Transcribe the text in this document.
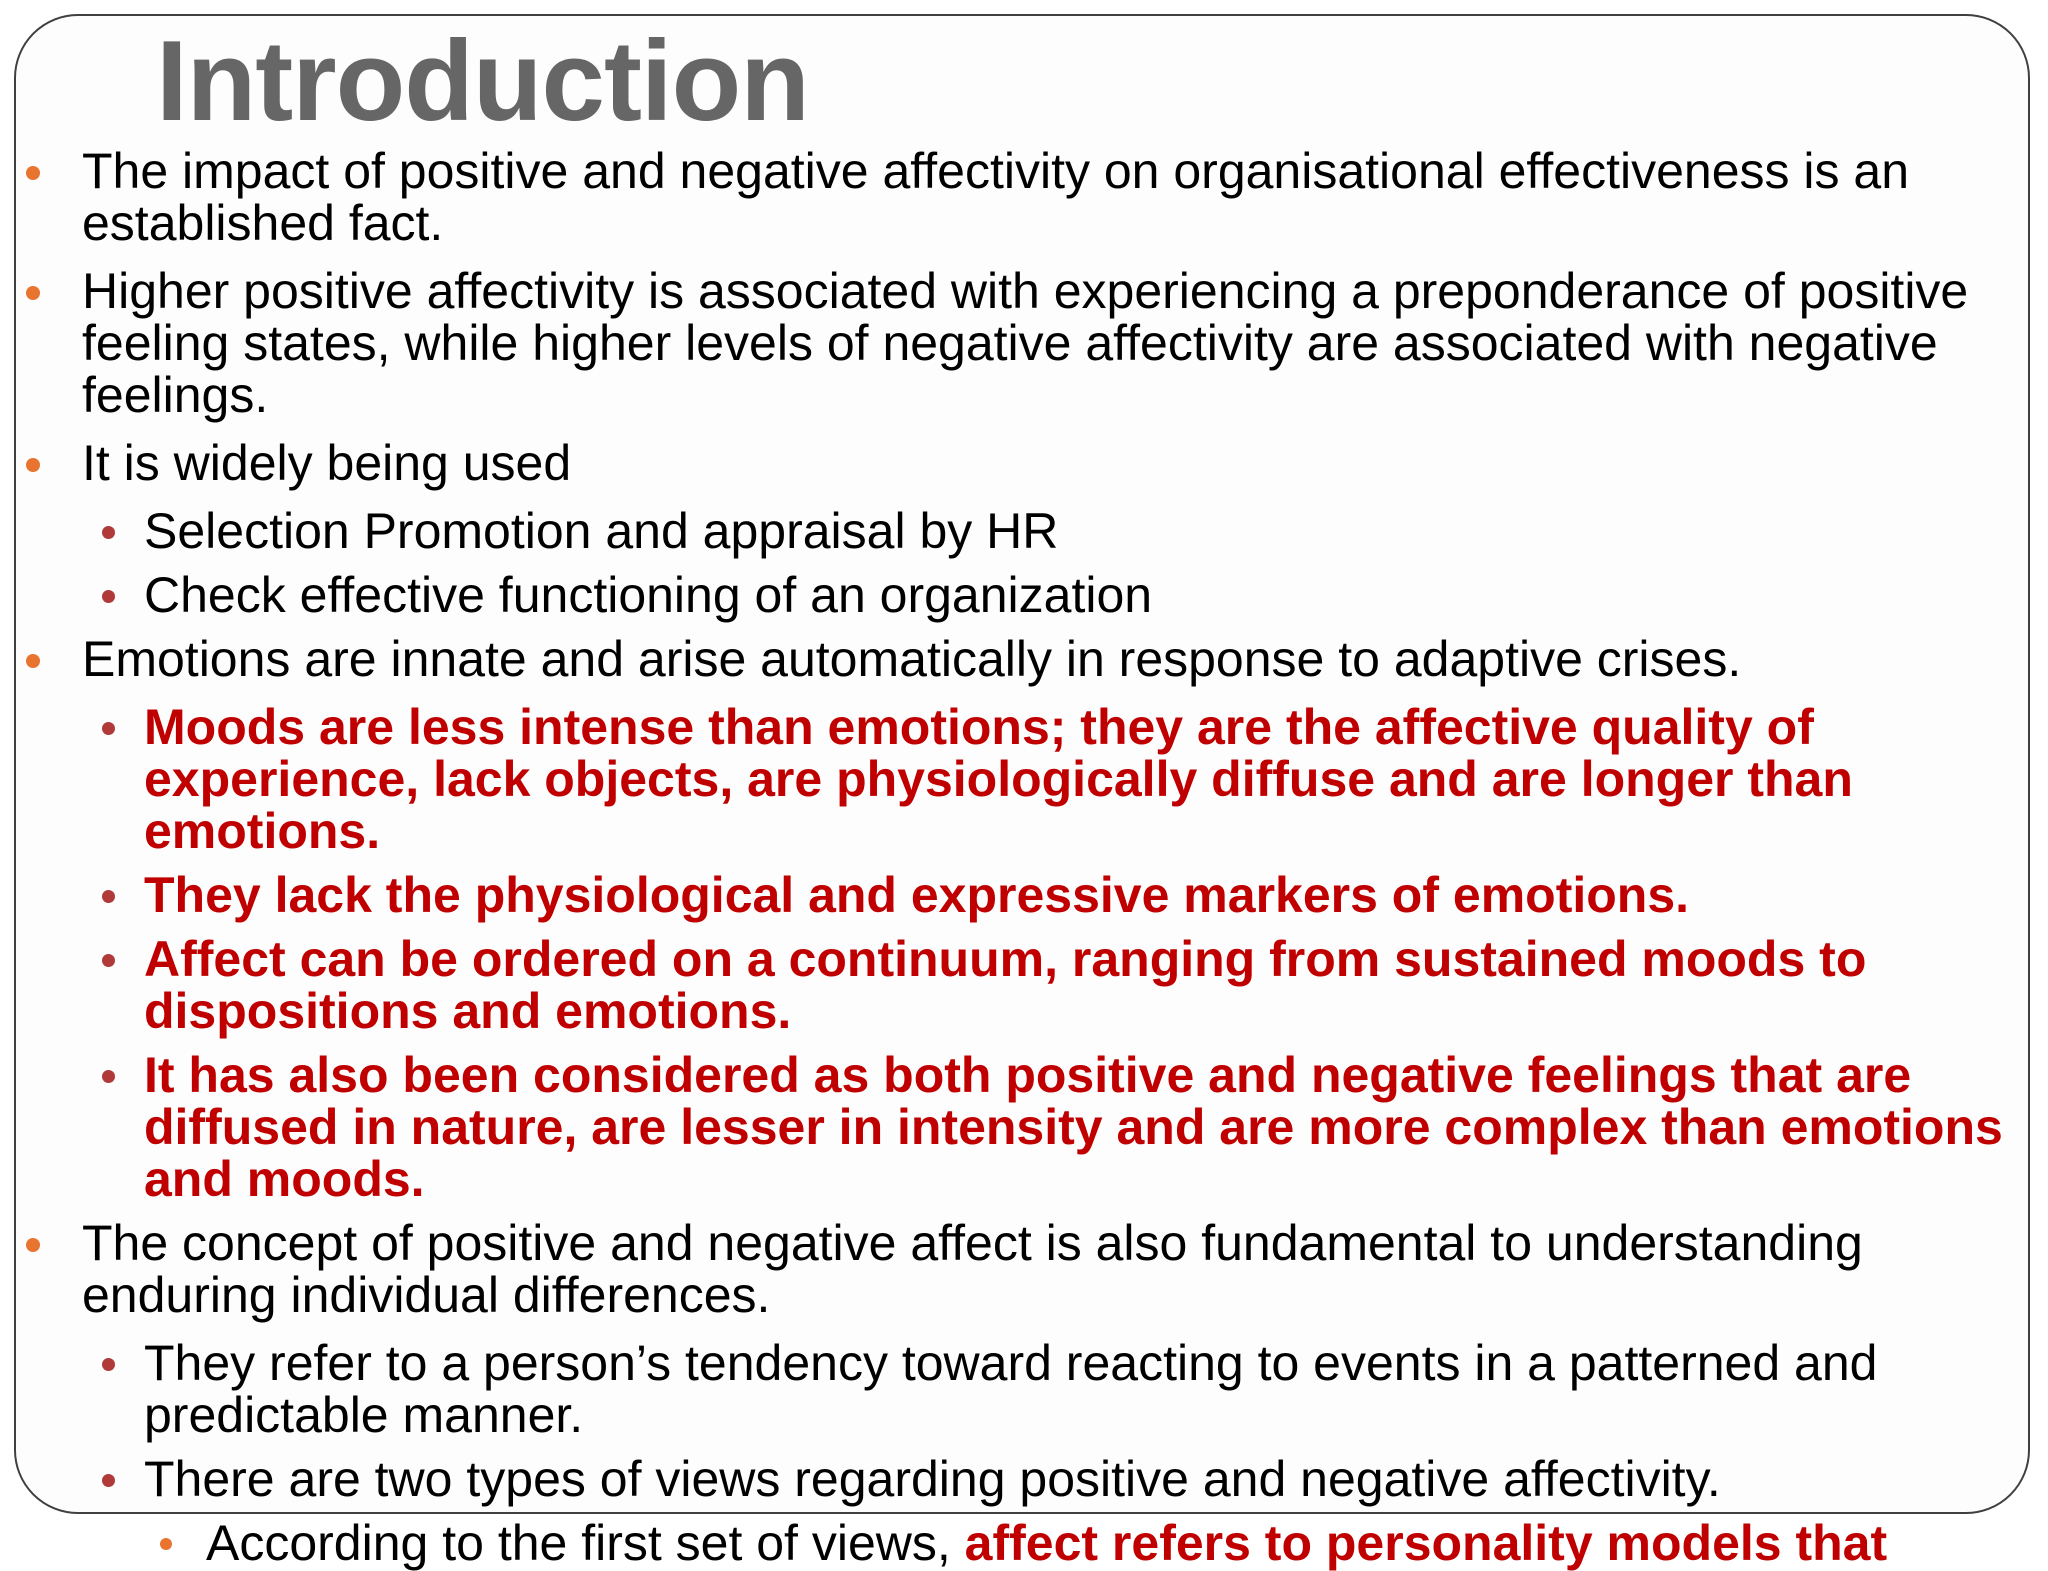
Introduction
The impact of positive and negative affectivity on organisational effectiveness is an established fact.
Higher positive affectivity is associated with experiencing a preponderance of positive feeling states, while higher levels of negative affectivity are associated with negative feelings.
It is widely being used
Selection Promotion and appraisal by HR
Check effective functioning of an organization
Emotions are innate and arise automatically in response to adaptive crises.
Moods are less intense than emotions; they are the affective quality of experience, lack objects, are physiologically diffuse and are longer than emotions.
They lack the physiological and expressive markers of emotions.
Affect can be ordered on a continuum, ranging from sustained moods to dispositions and emotions.
It has also been considered as both positive and negative feelings that are diffused in nature, are lesser in intensity and are more complex than emotions and moods.
The concept of positive and negative affect is also fundamental to understanding enduring individual differences.
They refer to a person’s tendency toward reacting to events in a patterned and predictable manner.
There are two types of views regarding positive and negative affectivity.
According to the first set of views, affect refers to personality models that
